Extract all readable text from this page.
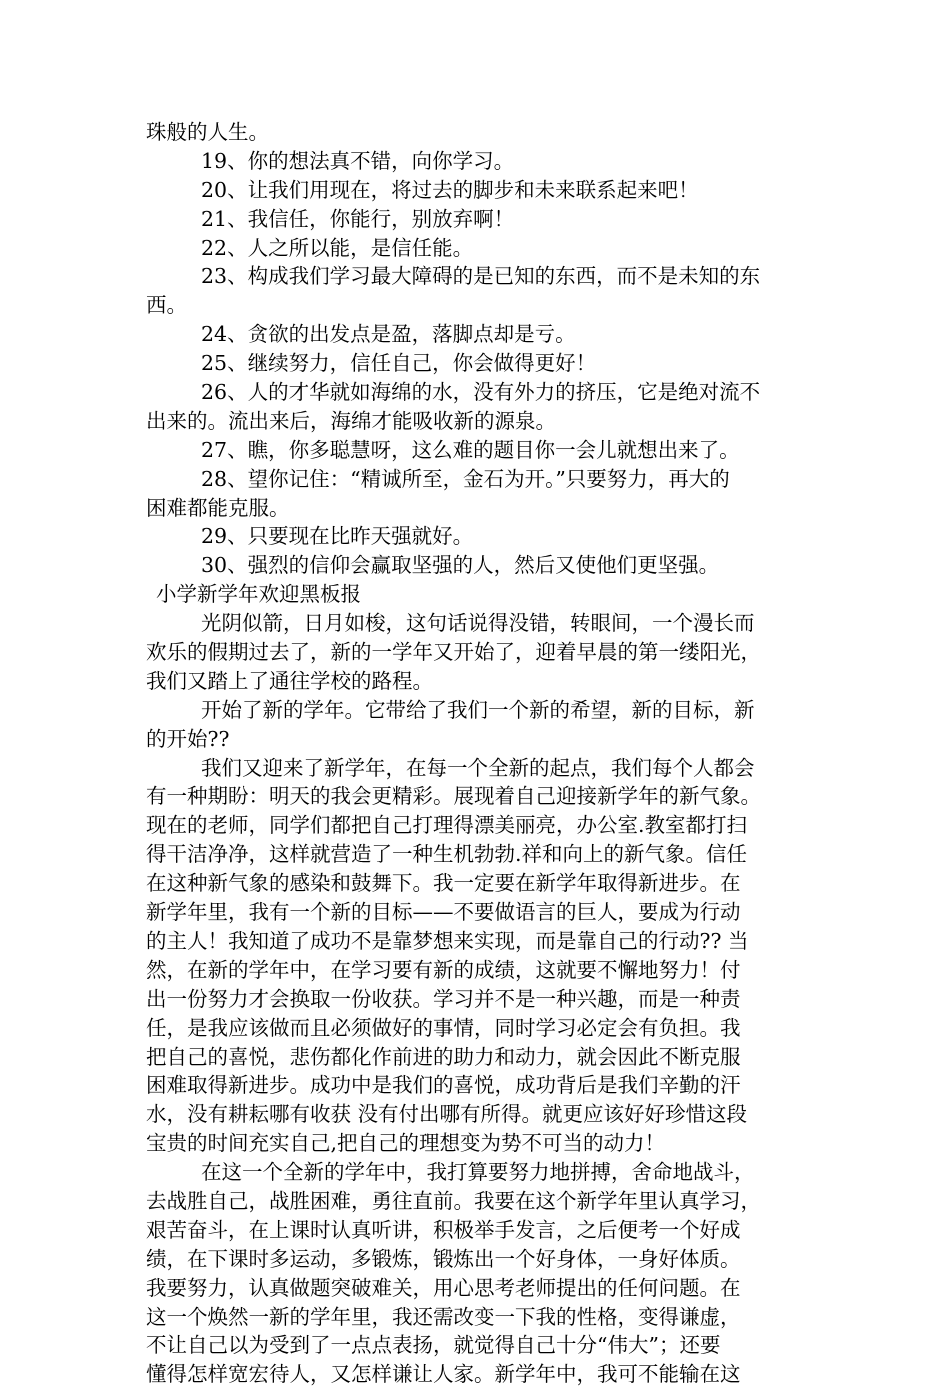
珠般的人生。
19、你的想法真不错，向你学习。
20、让我们用现在，将过去的脚步和未来联系起来吧！
21、我信任，你能行，别放弃啊！
22、人之所以能，是信任能。
23、构成我们学习最大障碍的是已知的东西，而不是未知的东
西。
24、贪欲的出发点是盈，落脚点却是亏。
25、继续努力，信任自己，你会做得更好！
26、人的才华就如海绵的水，没有外力的挤压，它是绝对流不
出来的。流出来后，海绵才能吸收新的源泉。
27、瞧，你多聪慧呀，这么难的题目你一会儿就想出来了。
28、望你记住：“精诚所至，金石为开。”只要努力，再大的
困难都能克服。
29、只要现在比昨天强就好。
30、强烈的信仰会赢取坚强的人，然后又使他们更坚强。
小学新学年欢迎黑板报
光阴似箭，日月如梭，这句话说得没错，转眼间，一个漫长而
欢乐的假期过去了，新的一学年又开始了，迎着早晨的第一缕阳光，
我们又踏上了通往学校的路程。
开始了新的学年。它带给了我们一个新的希望，新的目标，新
的开始??
我们又迎来了新学年，在每一个全新的起点，我们每个人都会
有一种期盼：明天的我会更精彩。展现着自己迎接新学年的新气象。
现在的老师，同学们都把自己打理得漂美丽亮，办公室.教室都打扫
得干洁净净，这样就营造了一种生机勃勃.祥和向上的新气象。信任
在这种新气象的感染和鼓舞下。我一定要在新学年取得新进步。在
新学年里，我有一个新的目标——不要做语言的巨人，要成为行动
的主人！我知道了成功不是靠梦想来实现，而是靠自己的行动?? 当
然，在新的学年中，在学习要有新的成绩，这就要不懈地努力！付
出一份努力才会换取一份收获。学习并不是一种兴趣，而是一种责
任，是我应该做而且必须做好的事情，同时学习必定会有负担。我
把自己的喜悦，悲伤都化作前进的助力和动力，就会因此不断克服
困难取得新进步。成功中是我们的喜悦，成功背后是我们辛勤的汗
水，没有耕耘哪有收获 没有付出哪有所得。就更应该好好珍惜这段
宝贵的时间充实自己,把自己的理想变为势不可当的动力！
在这一个全新的学年中，我打算要努力地拼搏，舍命地战斗，
去战胜自己，战胜困难，勇往直前。我要在这个新学年里认真学习，
艰苦奋斗，在上课时认真听讲，积极举手发言，之后便考一个好成
绩，在下课时多运动，多锻炼，锻炼出一个好身体，一身好体质。
我要努力，认真做题突破难关，用心思考老师提出的任何问题。在
这一个焕然一新的学年里，我还需改变一下我的性格，变得谦虚，
不让自己以为受到了一点点表扬，就觉得自己十分“伟大”；还要
懂得怎样宽宏待人，又怎样谦让人家。新学年中，我可不能输在这
